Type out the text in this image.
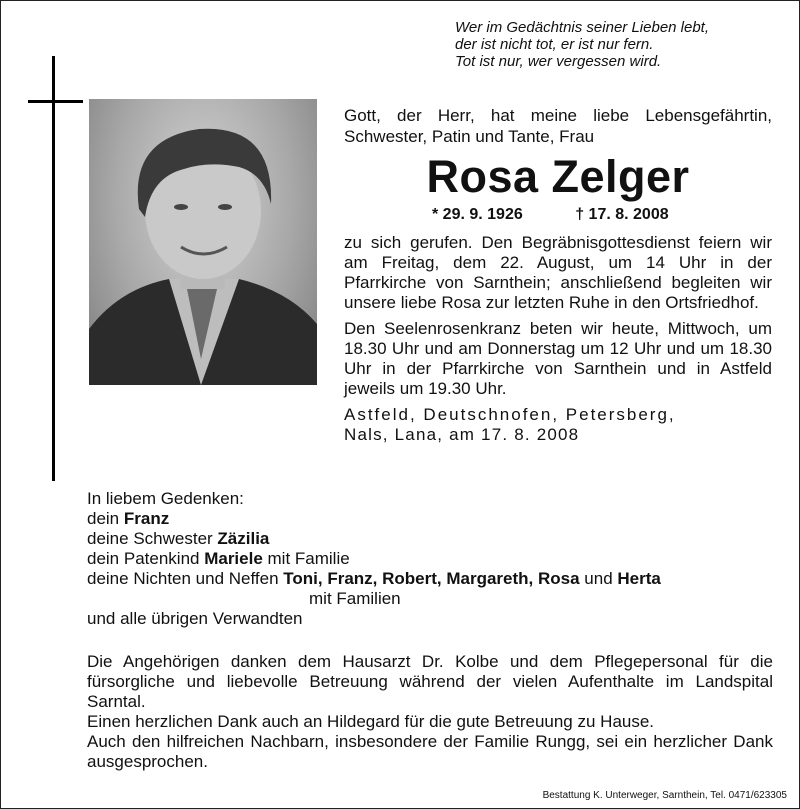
Wer im Gedächtnis seiner Lieben lebt,
der ist nicht tot, er ist nur fern.
Tot ist nur, wer vergessen wird.

Gott, der Herr, hat meine liebe Lebensgefährtin, Schwester, Patin und Tante, Frau

Rosa Zelger
* 29. 9. 1926	† 17. 8. 2008

zu sich gerufen. Den Begräbnisgottesdienst feiern wir am Freitag, dem 22. August, um 14 Uhr in der Pfarrkirche von Sarnthein; anschließend begleiten wir unsere liebe Rosa zur letzten Ruhe in den Ortsfriedhof.

Den Seelenrosenkranz beten wir heute, Mittwoch, um 18.30 Uhr und am Donnerstag um 12 Uhr und um 18.30 Uhr in der Pfarrkirche von Sarnthein und in Astfeld jeweils um 19.30 Uhr.

Astfeld, Deutschnofen, Petersberg,

Nals, Lana, am 17. 8. 2008

In liebem Gedenken:
dein Franz
deine Schwester Zäzilia
dein Patenkind Mariele mit Familie
deine Nichten und Neffen Toni, Franz, Robert, Margareth, Rosa und Herta
mit Familien
und alle übrigen Verwandten

Die Angehörigen danken dem Hausarzt Dr. Kolbe und dem Pflegepersonal für die fürsorgliche und liebevolle Betreuung während der vielen Aufenthalte im Landspital Sarntal.

Einen herzlichen Dank auch an Hildegard für die gute Betreuung zu Hause.

Auch den hilfreichen Nachbarn, insbesondere der Familie Rungg, sei ein herzlicher Dank ausgesprochen.

Bestattung K. Unterweger, Sarnthein, Tel. 0471/623305
